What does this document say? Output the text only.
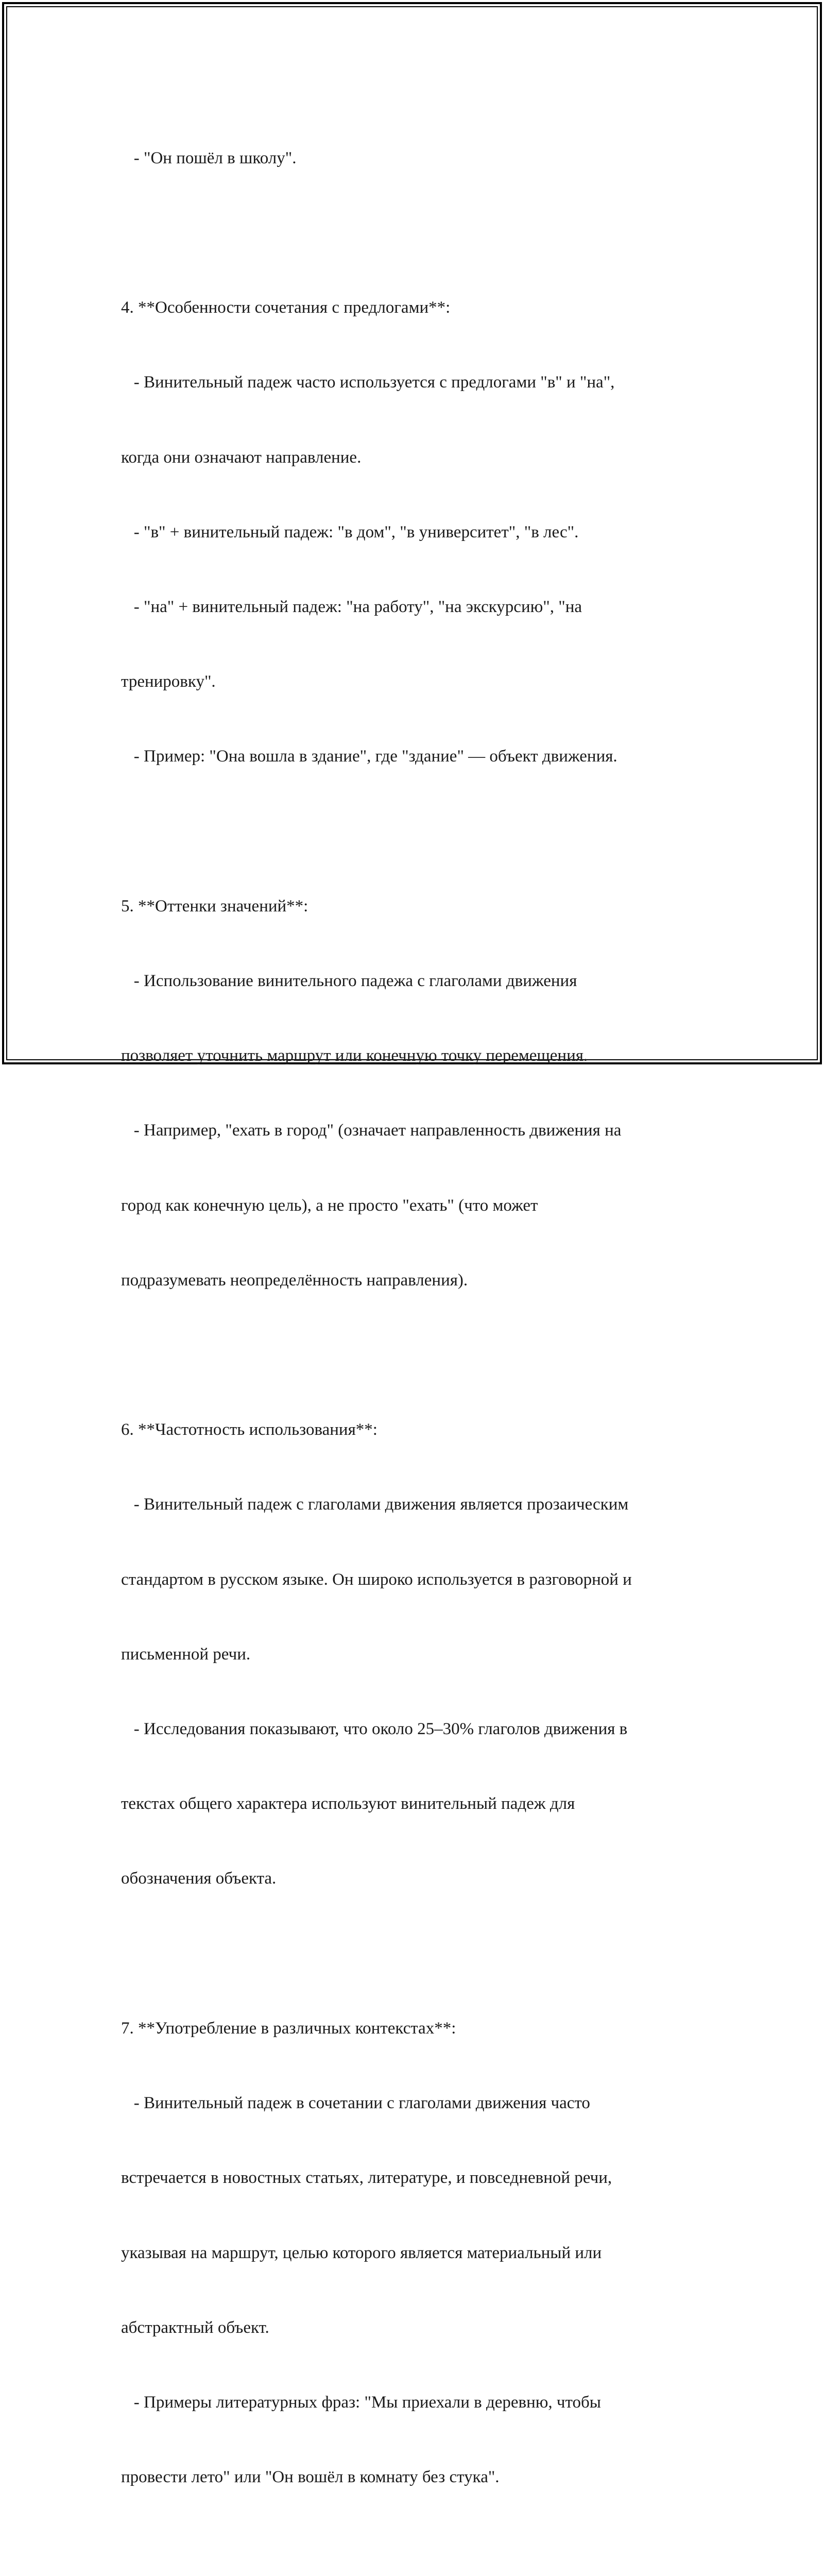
- "Он пошёл в школу".

4. **Особенности сочетания с предлогами**:

- Винительный падеж часто используется с предлогами "в" и "на",

когда они означают направление.

- "в" + винительный падеж: "в дом", "в университет", "в лес".

- "на" + винительный падеж: "на работу", "на экскурсию", "на

тренировку".

- Пример: "Она вошла в здание", где "здание" — объект движения.

5. **Оттенки значений**:

- Использование винительного падежа с глаголами движения

позволяет уточнить маршрут или конечную точку перемещения.

- Например, "ехать в город" (означает направленность движения на

город как конечную цель), а не просто "ехать" (что может

подразумевать неопределённость направления).

6. **Частотность использования**:

- Винительный падеж с глаголами движения является прозаическим

стандартом в русском языке. Он широко используется в разговорной и

письменной речи.

- Исследования показывают, что около 25–30% глаголов движения в

текстах общего характера используют винительный падеж для

обозначения объекта.

7. **Употребление в различных контекстах**:

- Винительный падеж в сочетании с глаголами движения часто

встречается в новостных статьях, литературе, и повседневной речи,

указывая на маршрут, целью которого является материальный или

абстрактный объект.

- Примеры литературных фраз: "Мы приехали в деревню, чтобы

провести лето" или "Он вошёл в комнату без стука".
